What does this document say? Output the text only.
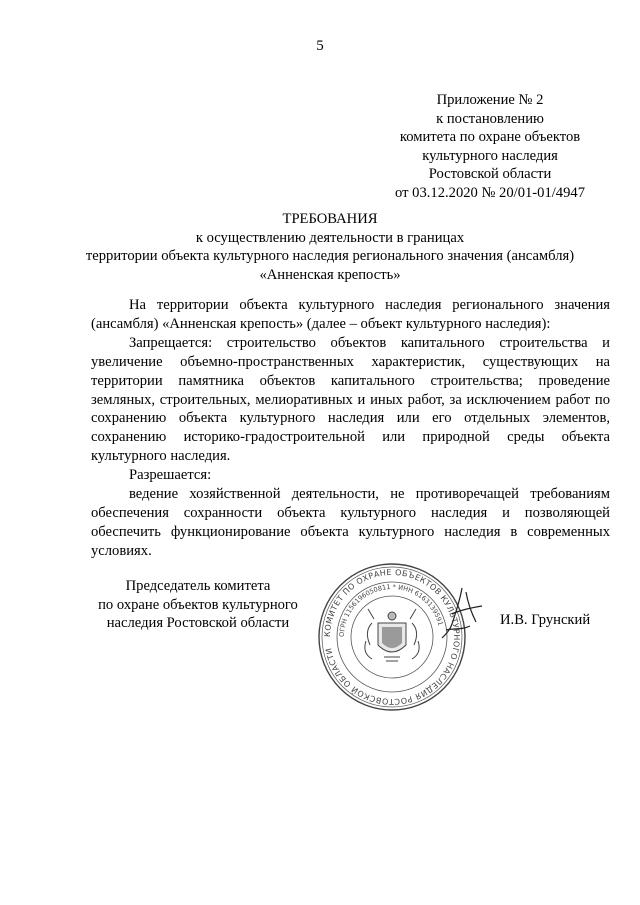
5
Приложение № 2
к постановлению
комитета по охране объектов
культурного наследия
Ростовской области
от 03.12.2020 № 20/01-01/4947
ТРЕБОВАНИЯ
к осуществлению деятельности в границах
территории объекта культурного наследия регионального значения (ансамбля)
«Анненская крепость»

На территории объекта культурного наследия регионального значения (ансамбля) «Анненская крепость» (далее – объект культурного наследия):

Запрещается: строительство объектов капитального строительства и увеличение объемно-пространственных характеристик, существующих на территории памятника объектов капитального строительства; проведение земляных, строительных, мелиоративных и иных работ, за исключением работ по сохранению объекта культурного наследия или его отдельных элементов, сохранению историко-градостроительной или природной среды объекта культурного наследия.

Разрешается:

ведение хозяйственной деятельности, не противоречащей требованиям обеспечения сохранности объекта культурного наследия и позволяющей обеспечить функционирование объекта культурного наследия в современных условиях.

Председатель комитета
по охране объектов культурного
наследия Ростовской области
КОМИТЕТ ПО ОХРАНЕ ОБЪЕКТОВ КУЛЬТУРНОГО НАСЛЕДИЯ РОСТОВСКОЙ ОБЛАСТИ
ОГРН 1156196050811 * ИНН 6163139591	И.В. Грунский
